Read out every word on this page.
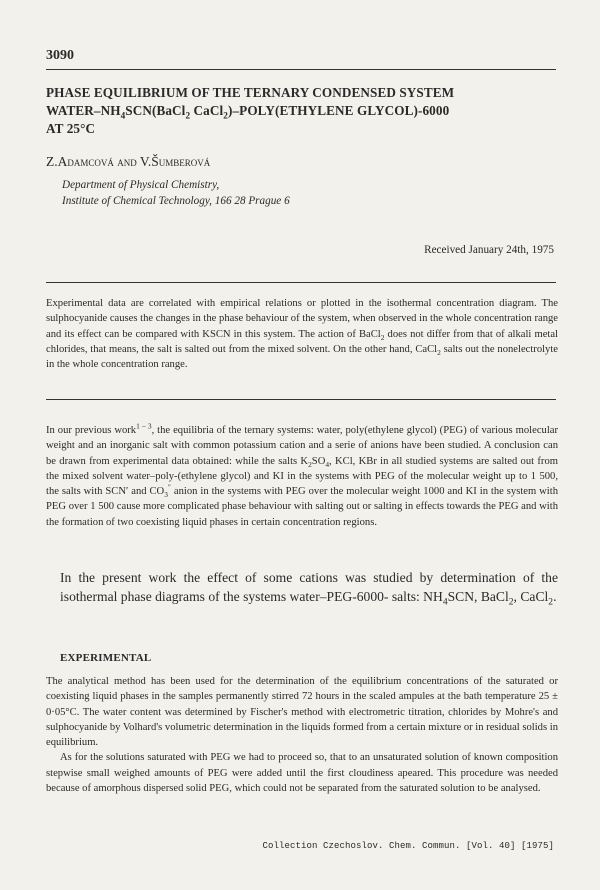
3090
PHASE EQUILIBRIUM OF THE TERNARY CONDENSED SYSTEM
WATER–$NH_4SCN(BaCl_2$ CaCl$_2$)–POLY(ETHYLENE GLYCOL)-6000
AT 25°C
Z.Adamcová and V.Šumberová
Department of Physical Chemistry,
Institute of Chemical Technology, 166 28 Prague 6
Received January 24th, 1975
Experimental data are correlated with empirical relations or plotted in the isothermal concentration diagram. The sulphocyanide causes the changes in the phase behaviour of the system, when observed in the whole concentration range and its effect can be compared with KSCN in this system. The action of BaCl$_2$ does not differ from that of alkali metal chlorides, that means, the salt is salted out from the mixed solvent. On the other hand, CaCl$_2$ salts out the nonelectrolyte in the whole concentration range.
In our previous work$^{1 - 3}$, the equilibria of the ternary systems: water, poly(ethylene glycol) (PEG) of various molecular weight and an inorganic salt with common potassium cation and a serie of anions have been studied. A conclusion can be drawn from experimental data obtained: while the salts $K_2SO_4$, KCl, KBr in all studied systems are salted out from the mixed solvent water–poly-(ethylene glycol) and KI in the systems with PEG of the molecular weight up to 1 500, the salts with SCN′ and $CO_3''$ anion in the systems with PEG over the molecular weight 1000 and KI in the system with PEG over 1 500 cause more complicated phase behaviour with salting out or salting in effects towards the PEG and with the formation of two coexisting liquid phases in certain concentration regions.
In the present work the effect of some cations was studied by determination of the isothermal phase diagrams of the systems water–PEG-6000- salts: $NH_4SCN$, BaCl$_2$, CaCl$_2$.
EXPERIMENTAL

The analytical method has been used for the determination of the equilibrium concentrations of the saturated or coexisting liquid phases in the samples permanently stirred 72 hours in the scaled ampules at the bath temperature 25 ± 0·05°C. The water content was determined by Fischer's method with electrometric titration, chlorides by Mohre's and sulphocyanide by Volhard's volumetric determination in the liquids formed from a certain mixture or in residual solids in equilibrium.

As for the solutions saturated with PEG we had to proceed so, that to an unsaturated solution of known composition stepwise small weighed amounts of PEG were added until the first cloudiness apeared. This procedure was needed because of amorphous dispersed solid PEG, which could not be separated from the saturated solution to be analysed.

Collection Czechoslov. Chem. Commun. [Vol. 40] [1975]
